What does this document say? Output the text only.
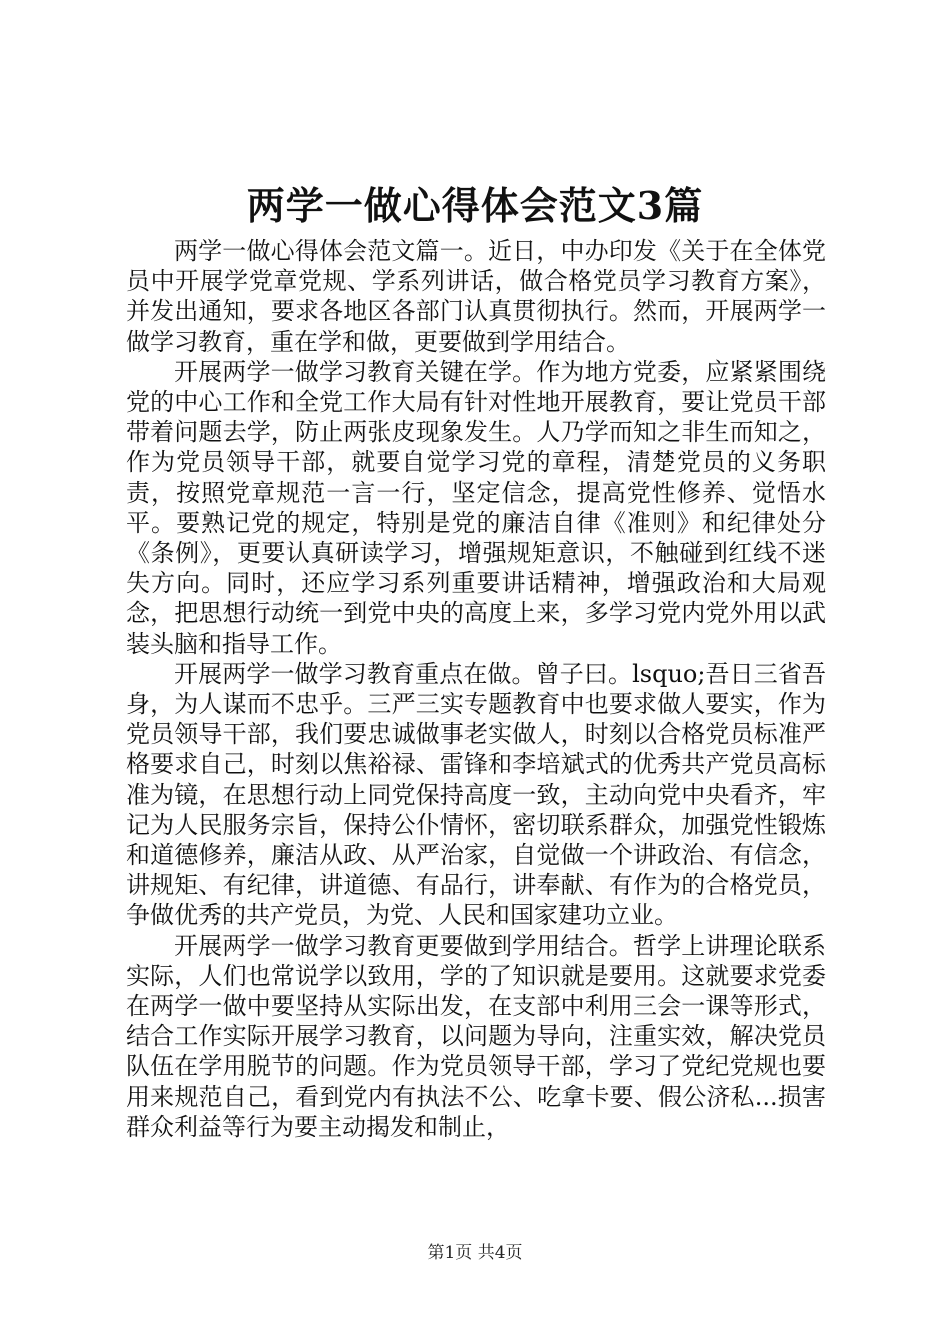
两学一做心得体会范文3篇

两学一做心得体会范文篇一。近日，中办印发《关于在全体党员中开展学党章党规、学系列讲话，做合格党员学习教育方案》，并发出通知，要求各地区各部门认真贯彻执行。然而，开展两学一做学习教育，重在学和做，更要做到学用结合。

开展两学一做学习教育关键在学。作为地方党委，应紧紧围绕党的中心工作和全党工作大局有针对性地开展教育，要让党员干部带着问题去学，防止两张皮现象发生。人乃学而知之非生而知之，作为党员领导干部，就要自觉学习党的章程，清楚党员的义务职责，按照党章规范一言一行，坚定信念，提高党性修养、觉悟水平。要熟记党的规定，特别是党的廉洁自律《准则》和纪律处分《条例》，更要认真研读学习，增强规矩意识，不触碰到红线不迷失方向。同时，还应学习系列重要讲话精神，增强政治和大局观念，把思想行动统一到党中央的高度上来，多学习党内党外用以武装头脑和指导工作。

开展两学一做学习教育重点在做。曾子曰。lsquo;吾日三省吾身，为人谋而不忠乎。三严三实专题教育中也要求做人要实，作为党员领导干部，我们要忠诚做事老实做人，时刻以合格党员标准严格要求自己，时刻以焦裕禄、雷锋和李培斌式的优秀共产党员高标准为镜，在思想行动上同党保持高度一致，主动向党中央看齐，牢记为人民服务宗旨，保持公仆情怀，密切联系群众，加强党性锻炼和道德修养，廉洁从政、从严治家，自觉做一个讲政治、有信念，讲规矩、有纪律，讲道德、有品行，讲奉献、有作为的合格党员，争做优秀的共产党员，为党、人民和国家建功立业。

开展两学一做学习教育更要做到学用结合。哲学上讲理论联系实际，人们也常说学以致用，学的了知识就是要用。这就要求党委在两学一做中要坚持从实际出发，在支部中利用三会一课等形式，结合工作实际开展学习教育，以问题为导向，注重实效，解决党员队伍在学用脱节的问题。作为党员领导干部，学习了党纪党规也要用来规范自己，看到党内有执法不公、吃拿卡要、假公济私...损害群众利益等行为要主动揭发和制止，

第1页 共4页
